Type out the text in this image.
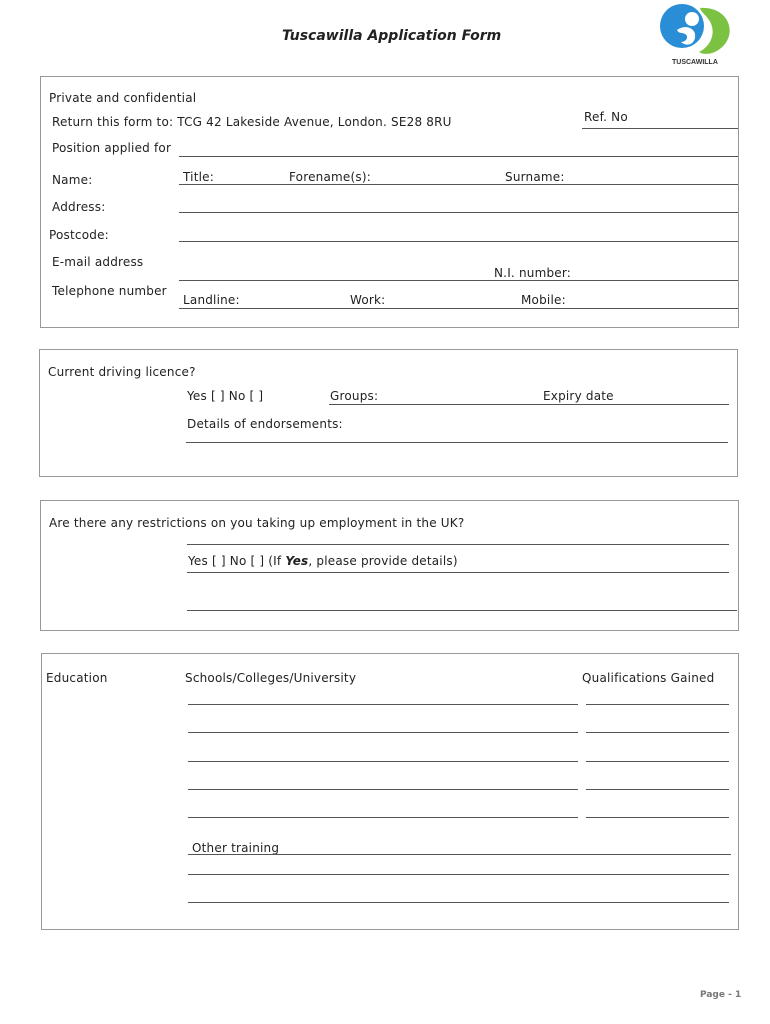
Tuscawilla Application Form
TUSCAWILLA

Private and confidential
Return this form to: TCG 42 Lakeside Avenue, London. SE28 8RU	Ref. No
Position applied for
Name:	Title:	Forename(s):	Surname:
Address:
Postcode:
E-mail address
N.I. number:
Telephone number
Landline:	Work:	Mobile:
Current driving licence?
Yes [ ] No [ ]	Groups:	Expiry date
Details of endorsements:
Are there any restrictions on you taking up employment in the UK?
Yes [ ] No [ ] (If Yes, please provide details)
Education	Schools/Colleges/University	Qualifications Gained
Other training
Page - 1
